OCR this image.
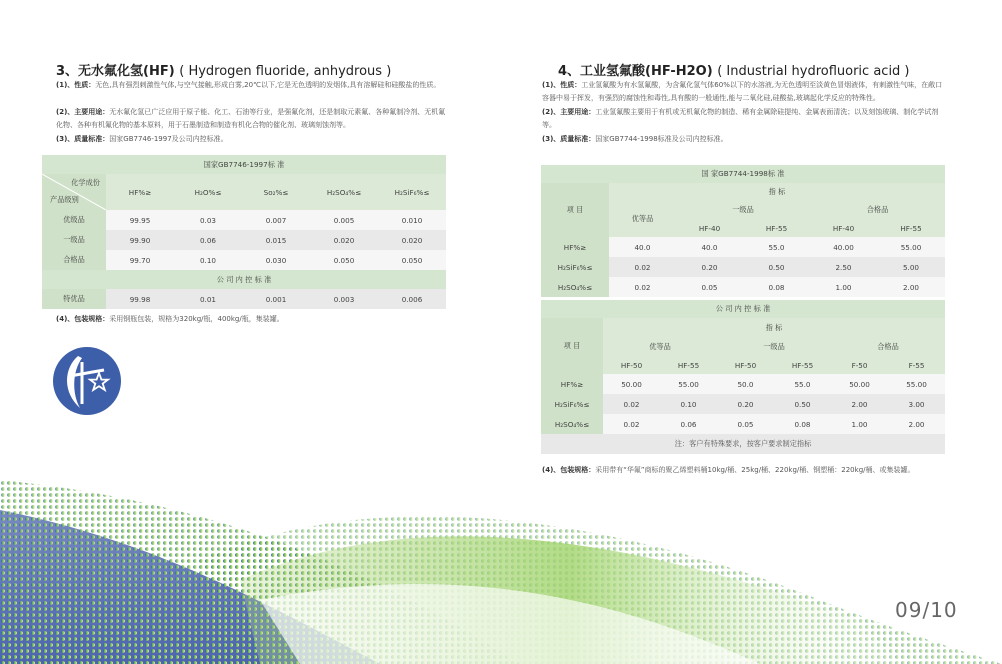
3、无水氟化氢(HF) ( Hydrogen fluoride, anhydrous )
(1)、性质：无色,具有强烈刺激性气体,与空气接触,形成白雾,20℃以下,它是无色透明的发烟体,具有溶解硅和硅酸盐的性质。
(2)、主要用途：无水氟化氢已广泛应用于原子能、化工、石油等行业，是强氟化剂，还是制取元素氟、各种氟制冷剂、无机氟化物、各种有机氟化物的基本原料，用于石墨制造和制造有机化合物的催化剂、玻璃刻蚀剂等。
(3)、质量标准：国家GB7746-1997及公司内控标准。
国家GB7746-1997标 准					

化学成份
产品级别	HF%≥	H₂O%≤	So₂%≤	H₂SO₄%≤	H₂SiF₆%≤
优级品	99.95	0.03	0.007	0.005	0.010
一级品	99.90	0.06	0.015	0.020	0.020
合格品	99.70	0.10	0.030	0.050	0.050
公 司 内 控 标 准					
特优品	99.98	0.01	0.001	0.003	0.006
(4)、包装规格：采用钢瓶包装，规格为320kg/瓶，400kg/瓶，集装罐。
4、工业氢氟酸(HF-H2O) ( Industrial hydrofluoric acid )
(1)、性质：工业氢氟酸为有水氢氟酸，为含氟化氢气体60%以下的水溶液,为无色透明至淡黄色冒烟液体，有刺激性气味，在敞口容器中易于挥发，有强烈的腐蚀性和毒性,具有酸的一般通性,能与二氧化硅,硅酸盐,玻璃起化学反应的特殊性。
(2)、主要用途：工业氢氟酸主要用于有机或无机氟化物的制造、稀有金属除硅提纯、金属表面清洗；以及刻蚀玻璃、制化学试剂等。
(3)、质量标准：国家GB7744-1998标准及公司内控标准。
国 家GB7744-1998标 准					
项 目	指 标				
	优等品	一级品		合格品	
		HF-40	HF-55	HF-40	HF-55
HF%≥	40.0	40.0	55.0	40.00	55.00
H₂SiF₆%≤	0.02	0.20	0.50	2.50	5.00
H₂SO₄%≤	0.02	0.05	0.08	1.00	2.00
公 司 内 控 标 准						
项 目	指 标					
	优等品		一级品		合格品	
	HF-50	HF-55	HF-50	HF-55	F-50	F-55
HF%≥	50.00	55.00	50.0	55.0	50.00	55.00
H₂SiF₆%≤	0.02	0.10	0.20	0.50	2.00	3.00
H₂SO₄%≤	0.02	0.06	0.05	0.08	1.00	2.00
注：客户有特殊要求，按客户要求制定指标						
(4)、包装规格：采用带有“华氟”商标的聚乙烯塑料桶10kg/桶、25kg/桶、220kg/桶、钢塑桶：220kg/桶、或集装罐。
09/10
